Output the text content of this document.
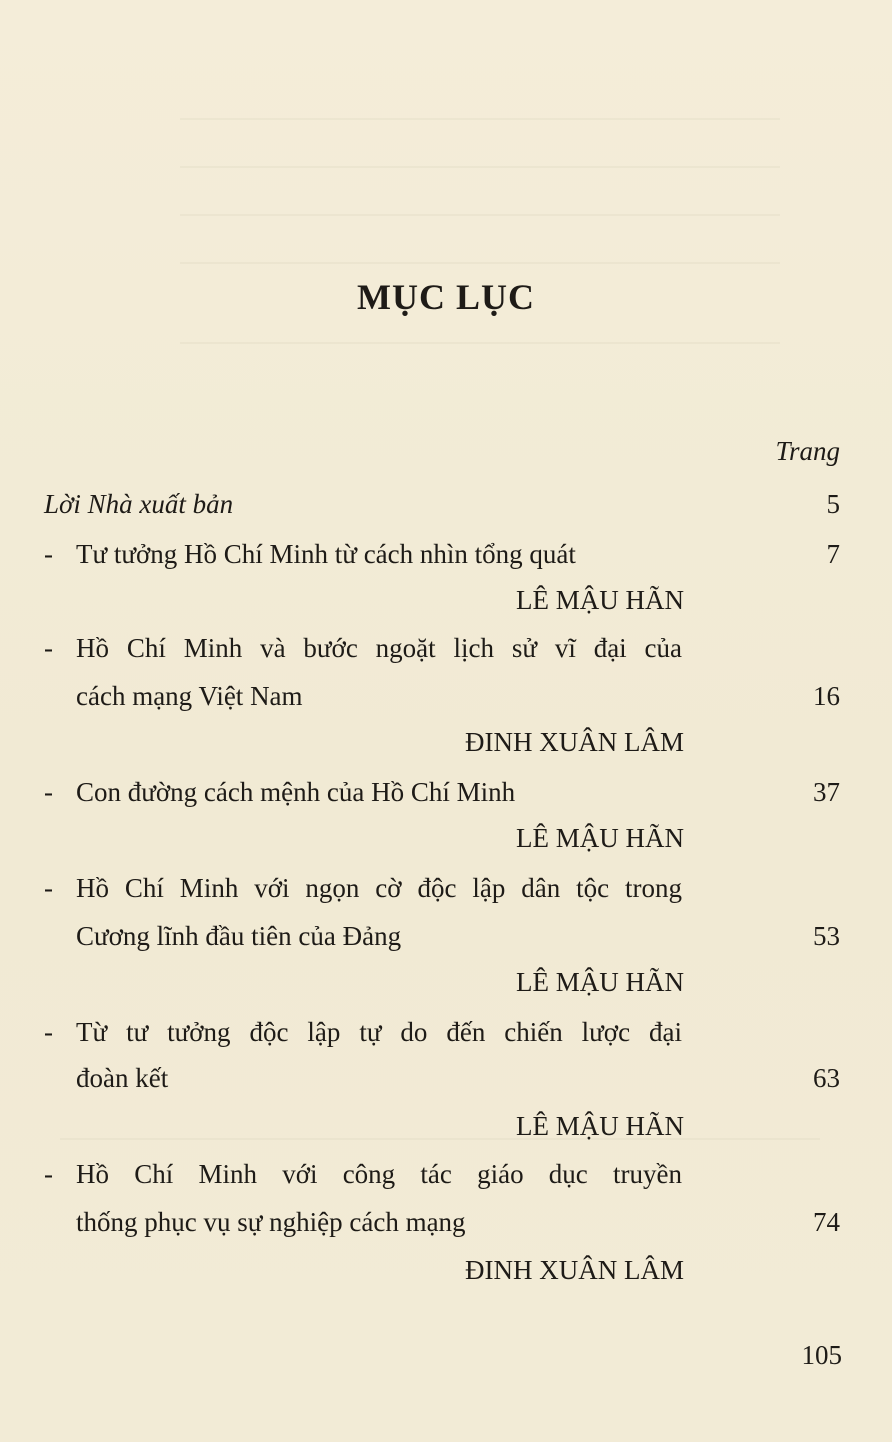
MỤC LỤC
Trang
Lời Nhà xuất bản	5
- Tư tưởng Hồ Chí Minh từ cách nhìn tổng quát	7
LÊ MẬU HÃN
- Hồ Chí Minh và bước ngoặt lịch sử vĩ đại của
cách mạng Việt Nam	16
ĐINH XUÂN LÂM
- Con đường cách mệnh của Hồ Chí Minh	37
LÊ MẬU HÃN
- Hồ Chí Minh với ngọn cờ độc lập dân tộc trong
Cương lĩnh đầu tiên của Đảng	53
LÊ MẬU HÃN
- Từ tư tưởng độc lập tự do đến chiến lược đại
đoàn kết	63
LÊ MẬU HÃN
- Hồ Chí Minh với công tác giáo dục truyền
thống phục vụ sự nghiệp cách mạng	74
ĐINH XUÂN LÂM
105
